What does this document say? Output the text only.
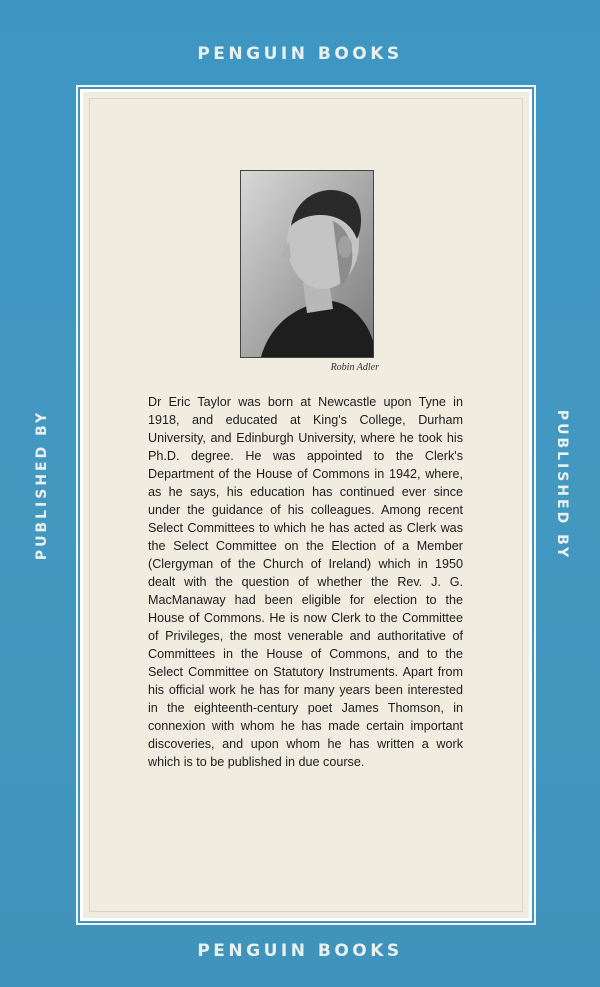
PENGUIN BOOKS
PUBLISHED BY	PUBLISHED BY
Robin Adler

Dr Eric Taylor was born at Newcastle upon Tyne in 1918, and educated at King's College, Durham University, and Edinburgh University, where he took his Ph.D. degree. He was appointed to the Clerk's Department of the House of Commons in 1942, where, as he says, his education has continued ever since under the guidance of his colleagues. Among recent Select Committees to which he has acted as Clerk was the Select Committee on the Election of a Member (Clergyman of the Church of Ireland) which in 1950 dealt with the question of whether the Rev. J. G. MacManaway had been eligible for election to the House of Commons. He is now Clerk to the Committee of Privileges, the most venerable and authoritative of Committees in the House of Commons, and to the Select Committee on Statutory Instruments. Apart from his official work he has for many years been interested in the eighteenth-century poet James Thomson, in connexion with whom he has made certain important discoveries, and upon whom he has written a work which is to be published in due course.

PENGUIN BOOKS
